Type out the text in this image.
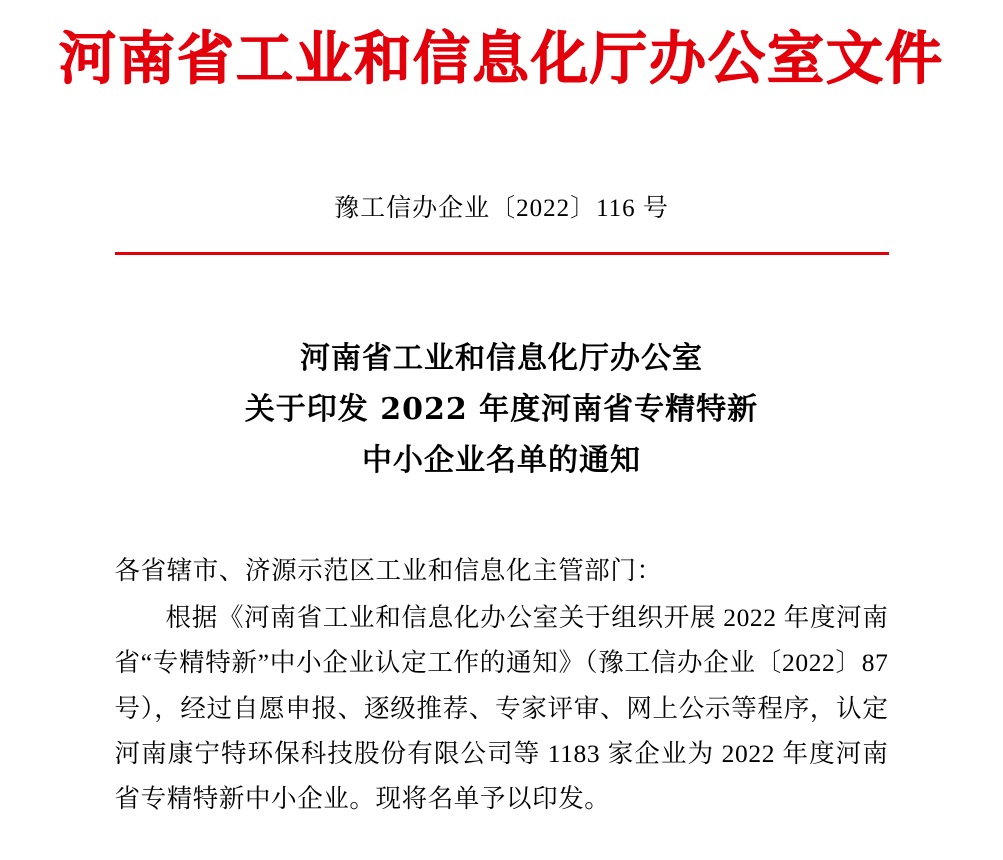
河南省工业和信息化厅办公室文件
豫工信办企业〔2022〕116 号
河南省工业和信息化厅办公室
关于印发 2022 年度河南省专精特新
中小企业名单的通知

各省辖市、济源示范区工业和信息化主管部门：

根据《河南省工业和信息化办公室关于组织开展 2022 年度河南省“专精特新”中小企业认定工作的通知》（豫工信办企业〔2022〕87 号），经过自愿申报、逐级推荐、专家评审、网上公示等程序，认定河南康宁特环保科技股份有限公司等 1183 家企业为 2022 年度河南省专精特新中小企业。现将名单予以印发。
